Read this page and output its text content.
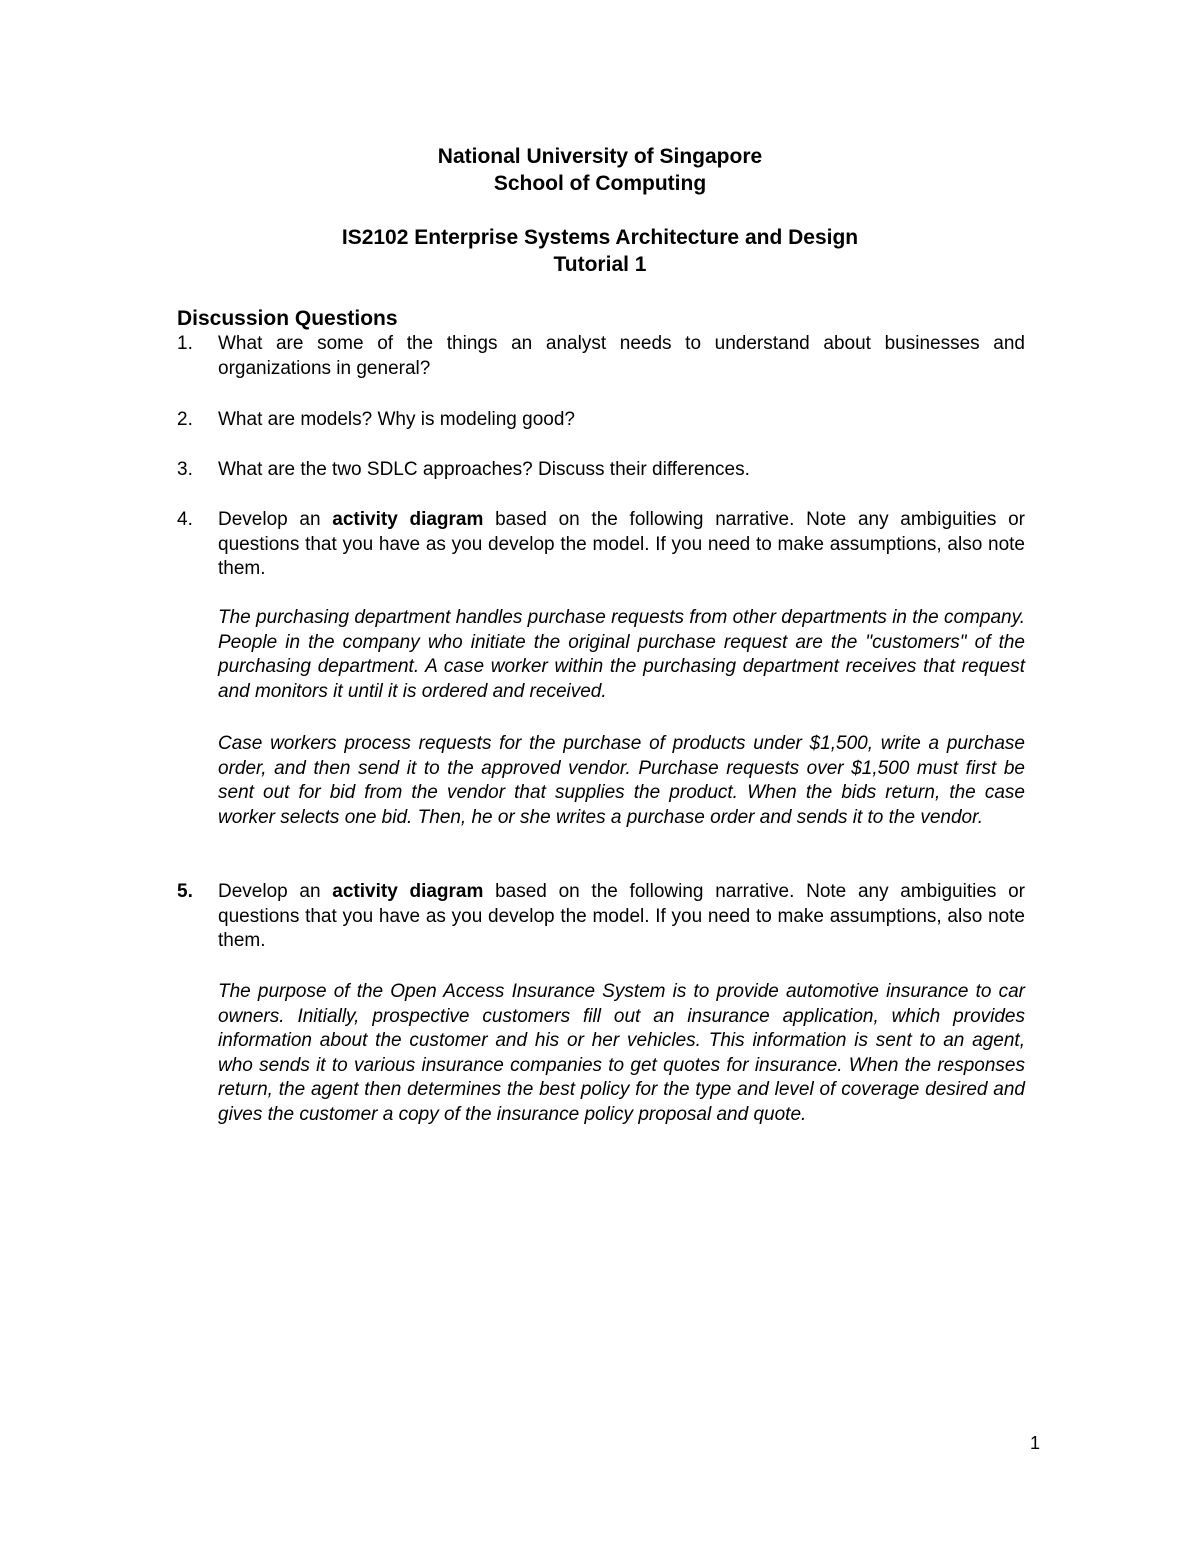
National University of Singapore
School of Computing
IS2102 Enterprise Systems Architecture and Design
Tutorial 1
Discussion Questions
1.	What are some of the things an analyst needs to understand about businesses and organizations in general?
2.	What are models? Why is modeling good?
3.	What are the two SDLC approaches? Discuss their differences.
4.	Develop an activity diagram based on the following narrative. Note any ambiguities or questions that you have as you develop the model. If you need to make assumptions, also note them.

The purchasing department handles purchase requests from other departments in the company. People in the company who initiate the original purchase request are the "customers" of the purchasing department. A case worker within the purchasing department receives that request and monitors it until it is ordered and received.

Case workers process requests for the purchase of products under $1,500, write a purchase order, and then send it to the approved vendor. Purchase requests over $1,500 must first be sent out for bid from the vendor that supplies the product. When the bids return, the case worker selects one bid. Then, he or she writes a purchase order and sends it to the vendor.

5.	Develop an activity diagram based on the following narrative. Note any ambiguities or questions that you have as you develop the model. If you need to make assumptions, also note them.

The purpose of the Open Access Insurance System is to provide automotive insurance to car owners. Initially, prospective customers fill out an insurance application, which provides information about the customer and his or her vehicles. This information is sent to an agent, who sends it to various insurance companies to get quotes for insurance. When the responses return, the agent then determines the best policy for the type and level of coverage desired and gives the customer a copy of the insurance policy proposal and quote.

1
